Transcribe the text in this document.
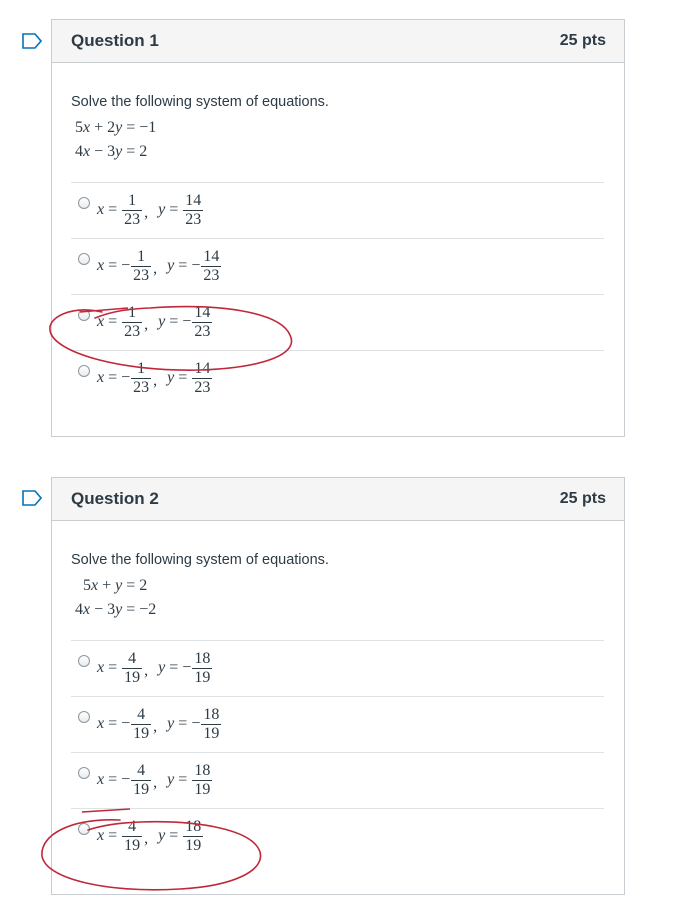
Question 1	25 pts
Solve the following system of equations.
5x + 2y = −1
4x − 3y = 2
$x = \frac{1}{23}$ , $y = \frac{14}{23}$
x = − $\frac{1}{23}$ , y = − $\frac{14}{23}$
$x = \frac{1}{23}$ , y = − $\frac{14}{23}$
x = − $\frac{1}{23}$ , $y = \frac{14}{23}$
Question 2	25 pts
Solve the following system of equations.
5x + y = 2
4x − 3y = −2
$x = \frac{4}{19}$ , y = − $\frac{18}{19}$
x = − $\frac{4}{19}$ , y = − $\frac{18}{19}$
x = − $\frac{4}{19}$ , $y = \frac{18}{19}$
$x = \frac{4}{19}$ , $y = \frac{18}{19}$
